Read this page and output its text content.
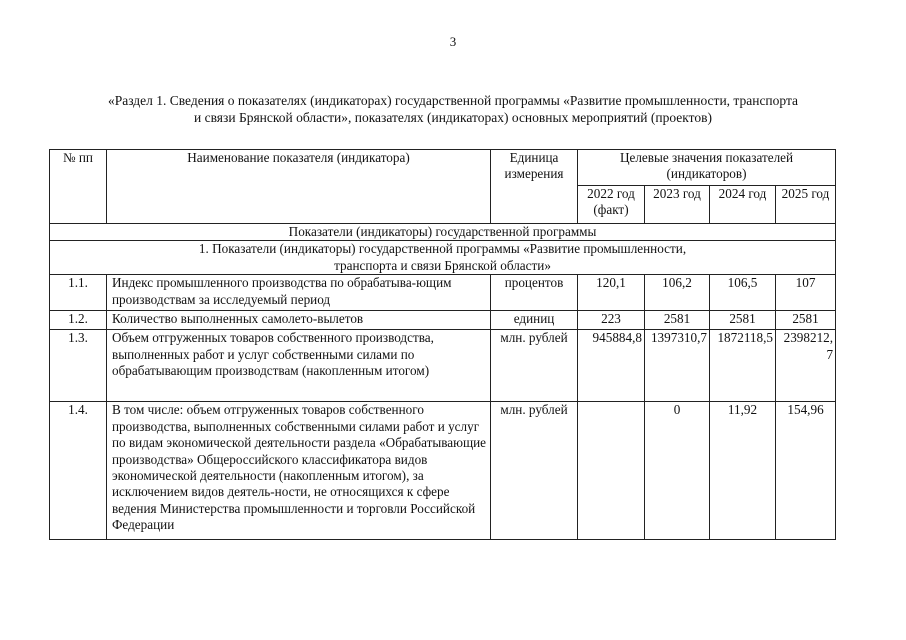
3
«Раздел 1. Сведения о показателях (индикаторах) государственной программы «Развитие промышленности, транспорта
и связи Брянской области», показателях (индикаторах) основных мероприятий (проектов)
№ пп	Наименование показателя (индикатора)	Единица измерения	Целевые значения показателей (индикаторов)			
			2022 год (факт)	2023 год	2024 год	2025 год
Показатели (индикаторы) государственной программы						

1. Показатели (индикаторы) государственной программы «Развитие промышленности,
транспорта и связи Брянской области»						

1.1.	Индекс промышленного производства по обрабатыва-ющим производствам за исследуемый период	процентов	120,1	106,2	106,5	107
1.2.	Количество выполненных самолето-вылетов	единиц	223	2581	2581	2581
1.3.	Объем отгруженных товаров собственного производства, выполненных работ и услуг собственными силами по обрабатывающим производствам (накопленным итогом)	млн. рублей	945884,8	1397310,7	1872118,5	2398212,7
1.4.	В том числе: объем отгруженных товаров собственного производства, выполненных собственными силами работ и услуг по видам экономической деятельности раздела «Обрабатывающие производства» Общероссийского классификатора видов экономической деятельности (накопленным итогом), за исключением видов деятель-ности, не относящихся к сфере ведения Министерства промышленности и торговли Российской Федерации	млн. рублей		0	11,92	154,96
